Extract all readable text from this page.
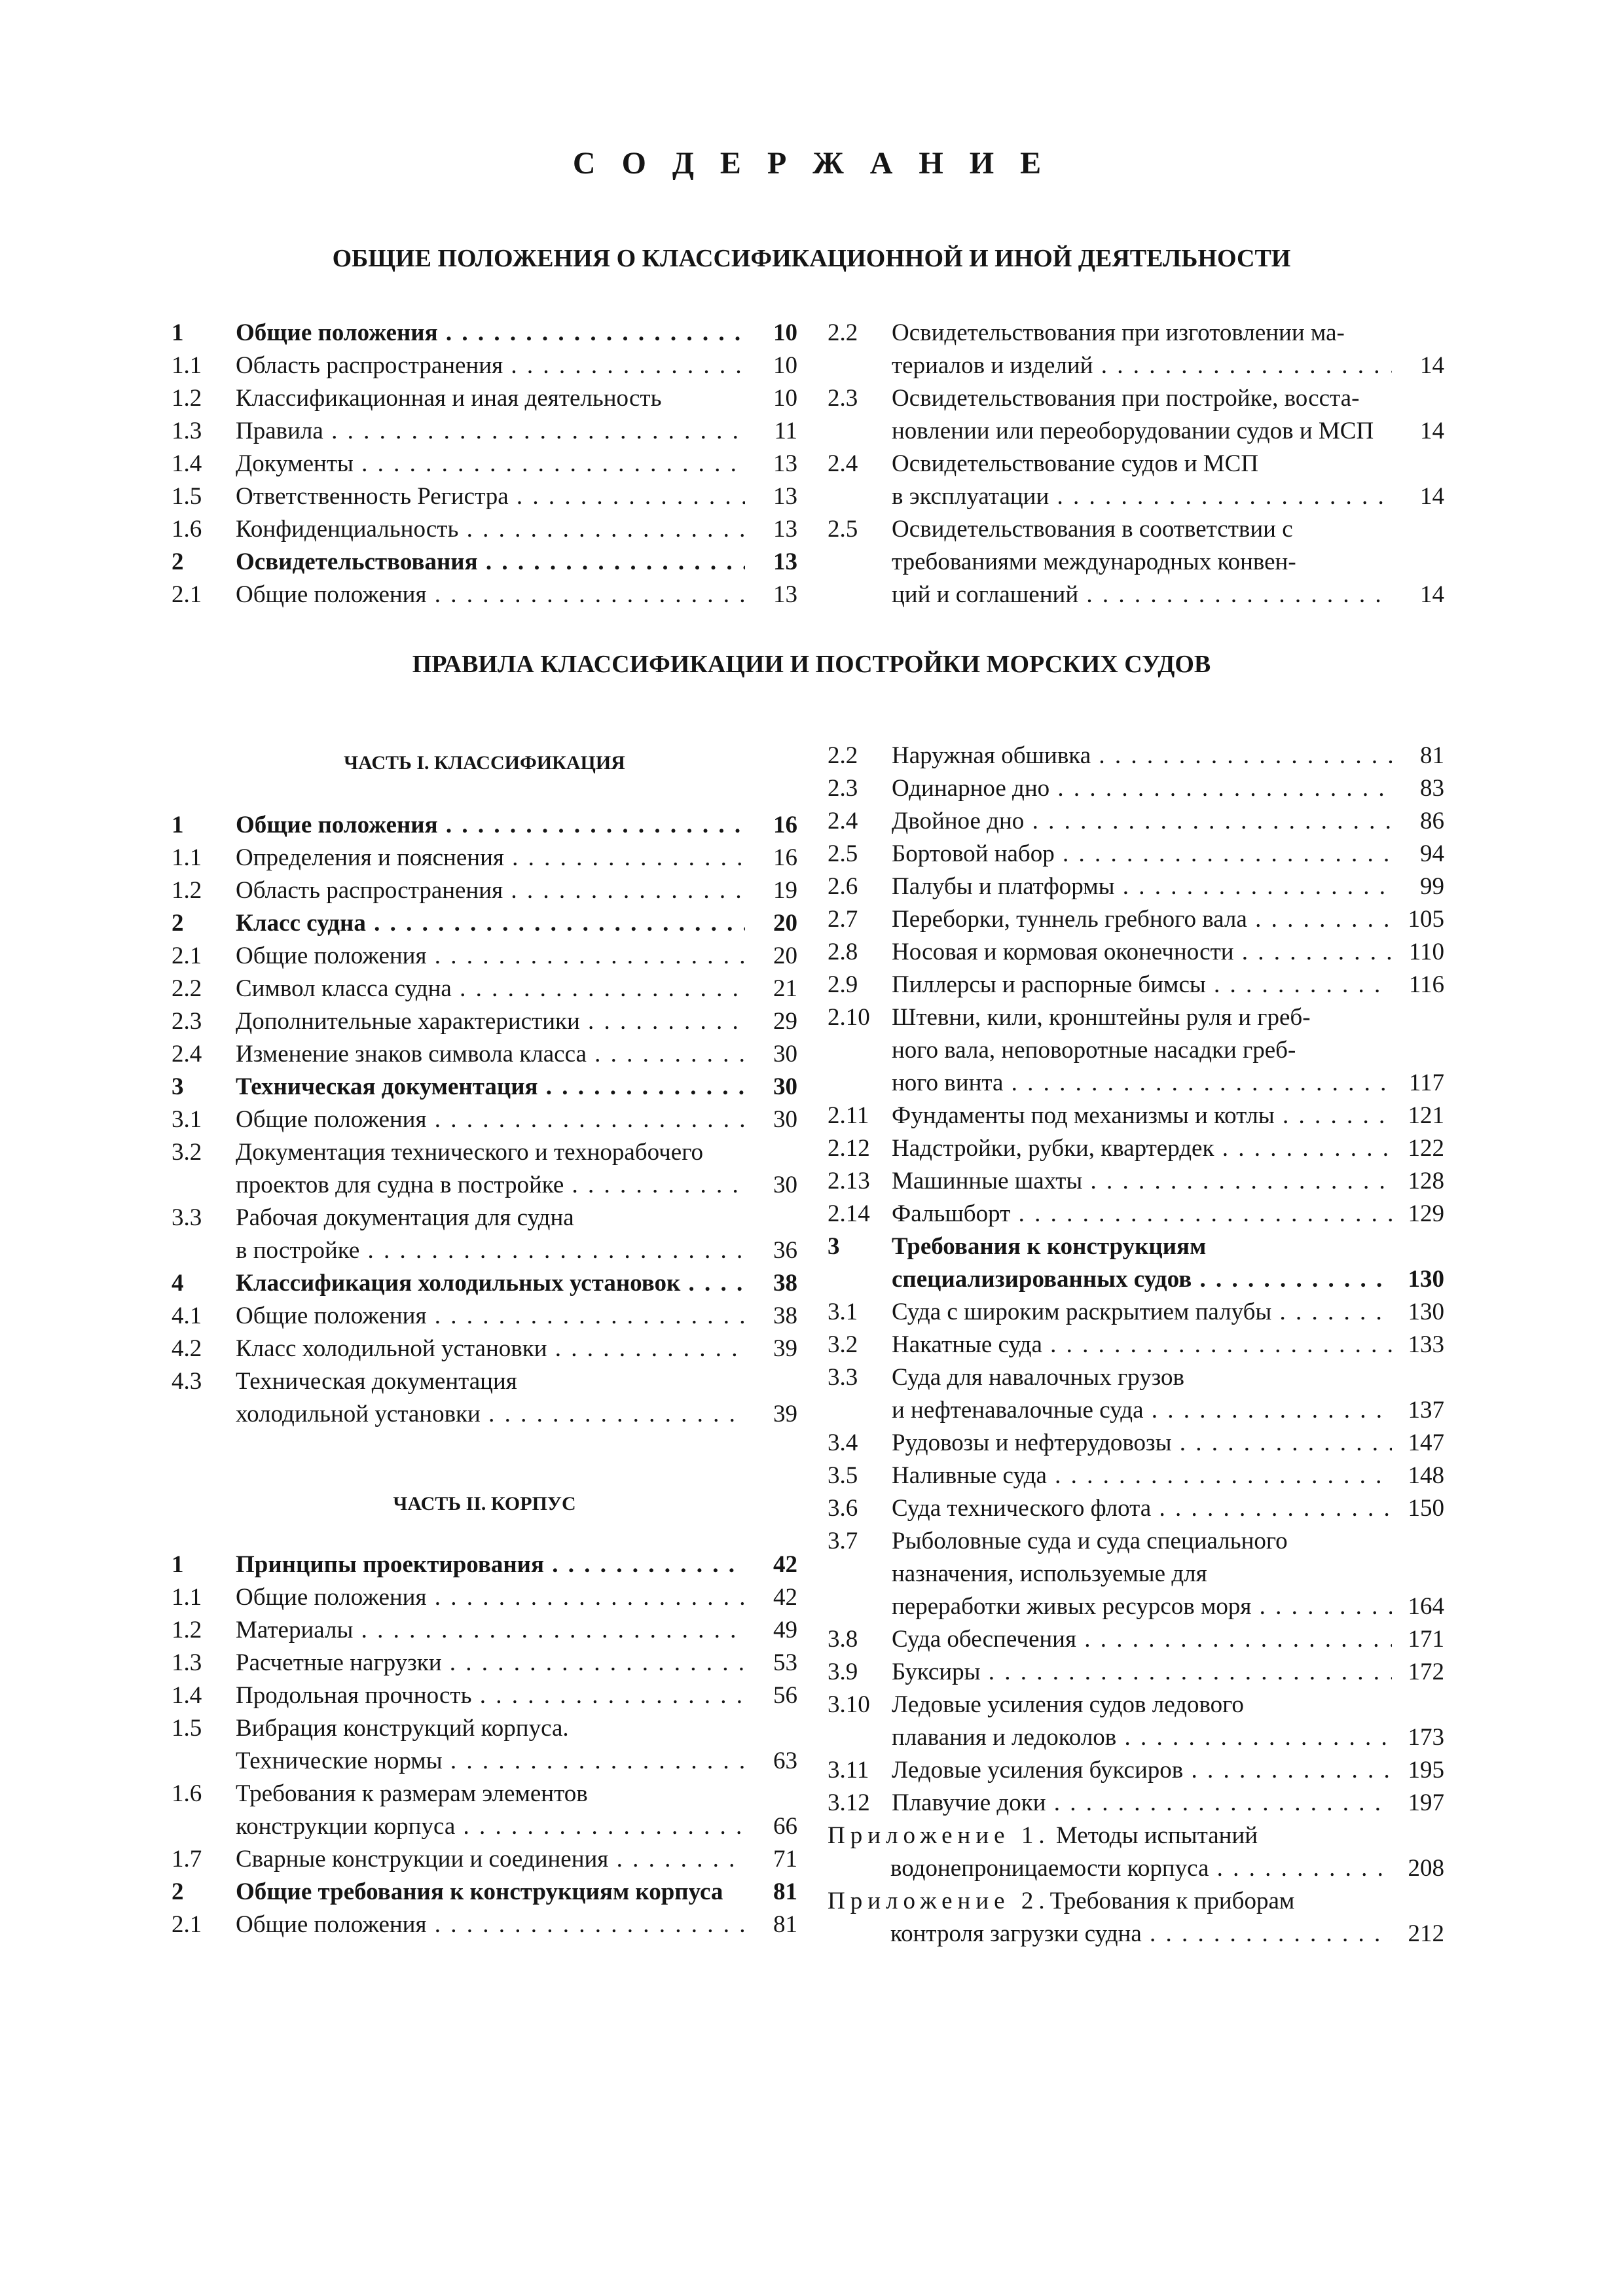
С О Д Е Р Ж А Н И Е
ОБЩИЕ ПОЛОЖЕНИЯ О КЛАССИФИКАЦИОННОЙ И ИНОЙ ДЕЯТЕЛЬНОСТИ
1 Общие положения . . .	10
1.1 Область распространения . . .	10
1.2 Классификационная и иная деятельность	10
1.3 Правила . . .	11
1.4 Документы . . .	13
1.5 Ответственность Регистра . . .	13
1.6 Конфиденциальность . . .	13
2 Освидетельствования . . .	13
2.1 Общие положения . . .	13
2.2 Освидетельствования при изготовлении ма-
териалов и изделий . . .	14
2.3 Освидетельствования при постройке, восста-
новлении или переоборудовании судов и МСП	14
2.4 Освидетельствование судов и МСП
в эксплуатации . . .	14
2.5 Освидетельствования в соответствии с
требованиями международных конвен-
ций и соглашений . . .	14
ПРАВИЛА КЛАССИФИКАЦИИ И ПОСТРОЙКИ МОРСКИХ СУДОВ
ЧАСТЬ I. КЛАССИФИКАЦИЯ
1 Общие положения . . .	16
1.1 Определения и пояснения . . .	16
1.2 Область распространения . . .	19
2 Класс судна . . .	20
2.1 Общие положения . . .	20
2.2 Символ класса судна . . .	21
2.3 Дополнительные характеристики . . .	29
2.4 Изменение знаков символа класса . . .	30
3 Техническая документация . . .	30
3.1 Общие положения . . .	30
3.2 Документация технического и технорабочего
проектов для судна в постройке . . .	30
3.3 Рабочая документация для судна
в постройке . . .	36
4 Классификация холодильных установок . . .	38
4.1 Общие положения . . .	38
4.2 Класс холодильной установки . . .	39
4.3 Техническая документация
холодильной установки . . .	39
ЧАСТЬ II. КОРПУС
1 Принципы проектирования . . .	42
1.1 Общие положения . . .	42
1.2 Материалы . . .	49
1.3 Расчетные нагрузки . . .	53
1.4 Продольная прочность . . .	56
1.5 Вибрация конструкций корпуса.
Технические нормы . . .	63
1.6 Требования к размерам элементов
конструкции корпуса . . .	66
1.7 Сварные конструкции и соединения . . .	71
2 Общие требования к конструкциям корпуса	81
2.1 Общие положения . . .	81
2.2 Наружная обшивка . . .	81
2.3 Одинарное дно . . .	83
2.4 Двойное дно . . .	86
2.5 Бортовой набор . . .	94
2.6 Палубы и платформы . . .	99
2.7 Переборки, туннель гребного вала . . .	105
2.8 Носовая и кормовая оконечности . . .	110
2.9 Пиллерсы и распорные бимсы . . .	116
2.10 Штевни, кили, кронштейны руля и греб-
ного вала, неповоротные насадки греб-
ного винта . . .	117
2.11 Фундаменты под механизмы и котлы . . .	121
2.12 Надстройки, рубки, квартердек . . .	122
2.13 Машинные шахты . . .	128
2.14 Фальшборт . . .	129
3 Требования к конструкциям
специализированных судов . . .	130
3.1 Суда с широким раскрытием палубы . . .	130
3.2 Накатные суда . . .	133
3.3 Суда для навалочных грузов
и нефтенавалочные суда . . .	137
3.4 Рудовозы и нефтерудовозы . . .	147
3.5 Наливные суда . . .	148
3.6 Суда технического флота . . .	150
3.7 Рыболовные суда и суда специального
назначения, используемые для
переработки живых ресурсов моря . . .	164
3.8 Суда обеспечения . . .	171
3.9 Буксиры . . .	172
3.10 Ледовые усиления судов ледового
плавания и ледоколов . . .	173
3.11 Ледовые усиления буксиров . . .	195
3.12 Плавучие доки . . .	197
Приложение 1. Методы испытаний
водонепроницаемости корпуса . . .	208
Приложение 2.Требования к приборам
контроля загрузки судна . . .	212
